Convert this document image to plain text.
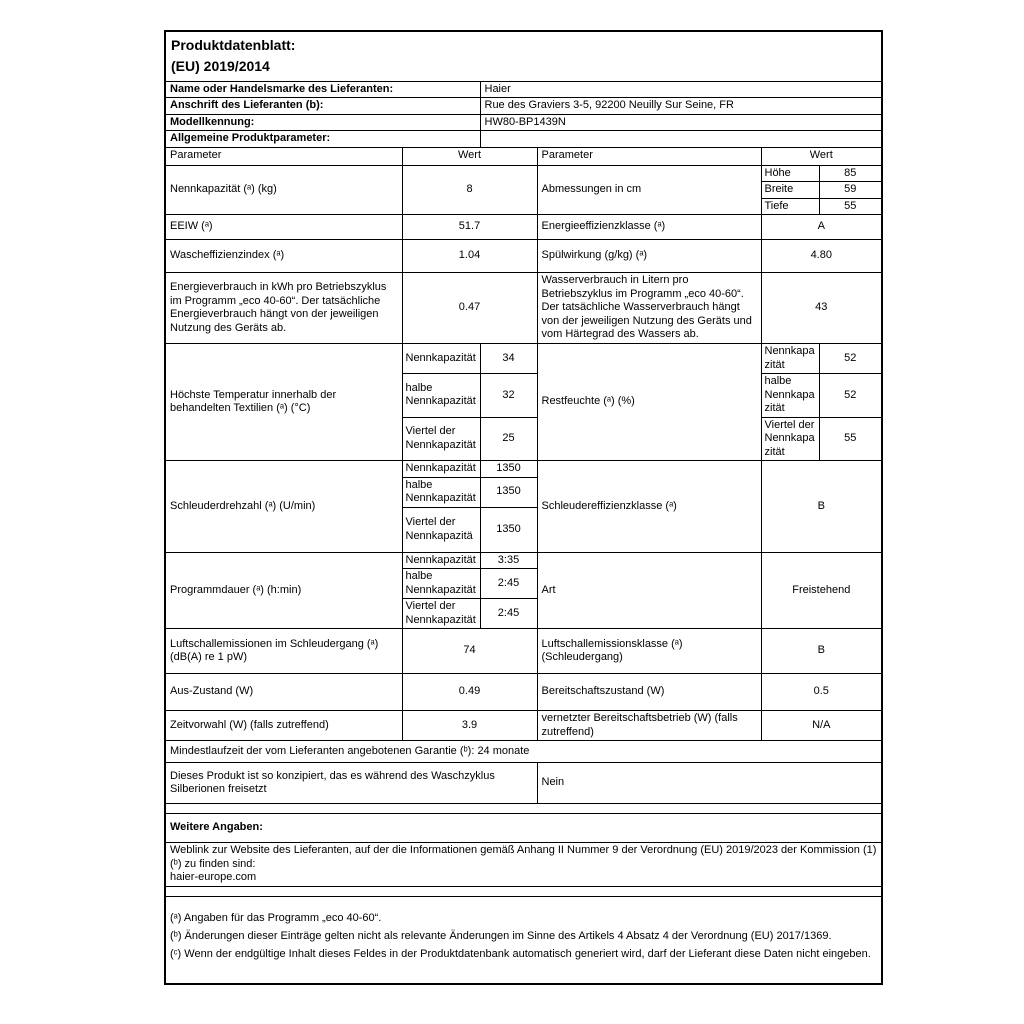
Produktdatenblatt:
(EU) 2019/2014					

Name oder Handelsmarke des Lieferanten:		Haier			
Anschrift des Lieferanten (b):		Rue des Graviers 3-5, 92200 Neuilly Sur Seine, FR			
Modellkennung:		HW80-BP1439N			
Allgemeine Produktparameter:					
Parameter	Wert		Parameter	Wert	
Nennkapazität (ᵃ) (kg)	8		Abmessungen in cm	Höhe	85
				Breite	59
				Tiefe	55
EEIW (ᵃ)	51.7		Energieeffizienzklasse (ᵃ)	A	
Wascheffizienzindex (ᵃ)	1.04		Spülwirkung (g/kg) (ᵃ)	4.80	
Energieverbrauch in kWh pro Betriebszyklus im Programm „eco 40-60“. Der tatsächliche Energieverbrauch hängt von der jeweiligen Nutzung des Geräts ab.	0.47		Wasserverbrauch in Litern pro Betriebszyklus im Programm „eco 40-60“. Der tatsächliche Wasserverbrauch hängt von der jeweiligen Nutzung des Geräts und vom Härtegrad des Wassers ab.	43	
Höchste Temperatur innerhalb der behandelten Textilien (ᵃ) (°C)	Nennkapazität	34	Restfeuchte (ᵃ) (%)	Nennkapazität	52
	halbe Nennkapazität	32		halbe Nennkapazität	52
	Viertel der Nennkapazität	25		Viertel der Nennkapazität	55
Schleuderdrehzahl (ᵃ) (U/min)	Nennkapazität	1350	Schleudereffizienzklasse (ᵃ)	B	
	halbe Nennkapazität	1350			
	Viertel der Nennkapazitä	1350			
Programmdauer (ᵃ) (h:min)	Nennkapazität	3:35	Art	Freistehend	
	halbe Nennkapazität	2:45			
	Viertel der Nennkapazität	2:45			
Luftschallemissionen im Schleudergang (ᵃ) (dB(A) re 1 pW)	74		Luftschallemissionsklasse (ᵃ) (Schleudergang)	B	
Aus-Zustand (W)	0.49		Bereitschaftszustand (W)	0.5	
Zeitvorwahl (W) (falls zutreffend)	3.9		vernetzter Bereitschaftsbetrieb (W) (falls zutreffend)	N/A	
Mindestlaufzeit der vom Lieferanten angebotenen Garantie (ᵇ): 24 monate					
Dieses Produkt ist so konzipiert, das es während des Waschzyklus Silberionen freisetzt			Nein		

Weitere Angaben:					

Weblink zur Website des Lieferanten, auf der die Informationen gemäß Anhang II Nummer 9 der Verordnung (EU) 2019/2023 der Kommission (1) (ᵇ) zu finden sind:
haier-europe.com					

(ᵃ) Angaben für das Programm „eco 40-60“.
(ᵇ) Änderungen dieser Einträge gelten nicht als relevante Änderungen im Sinne des Artikels 4 Absatz 4 der Verordnung (EU) 2017/1369.
(ᶜ) Wenn der endgültige Inhalt dieses Feldes in der Produktdatenbank automatisch generiert wird, darf der Lieferant diese Daten nicht eingeben.					
